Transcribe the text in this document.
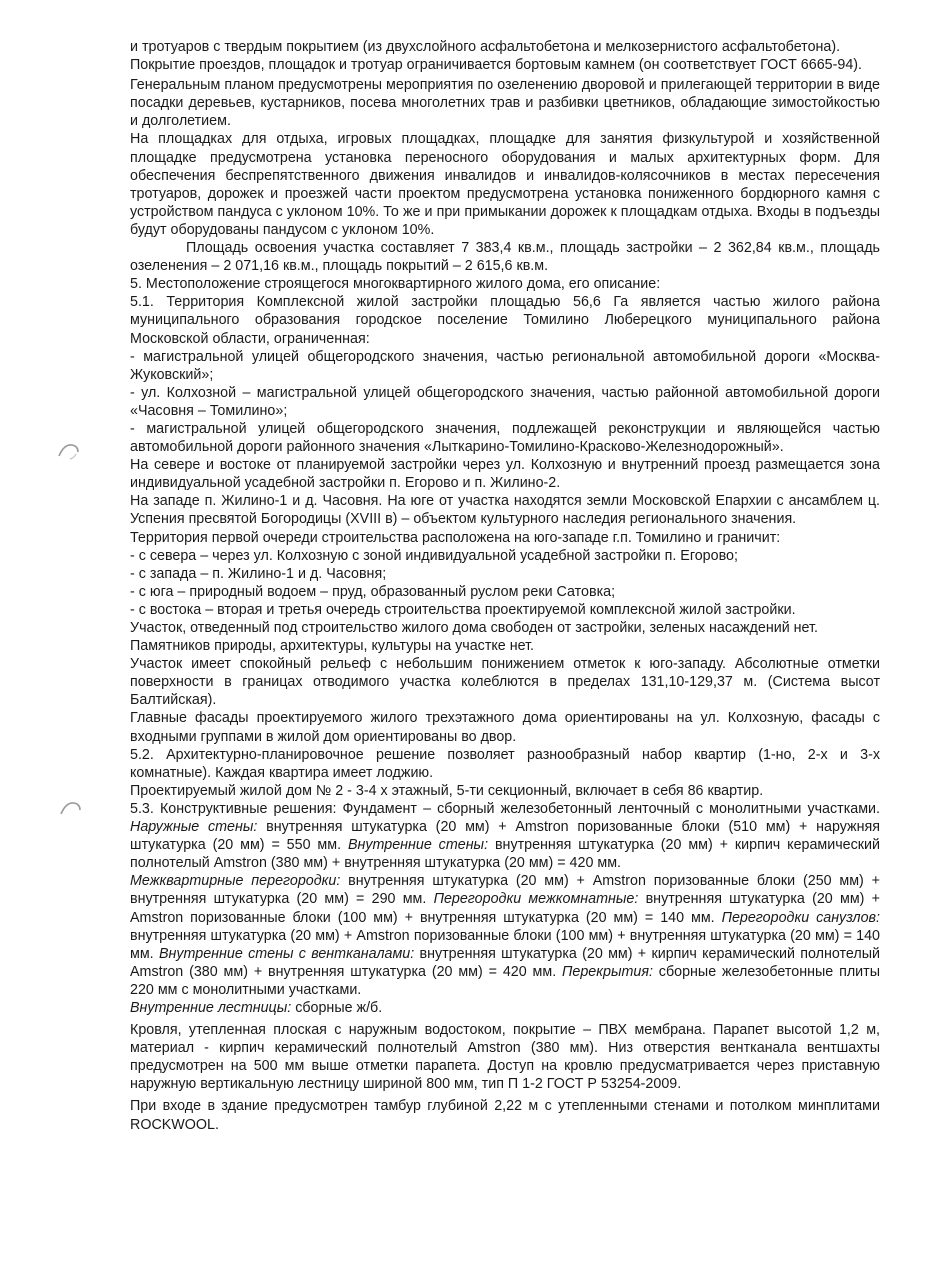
и тротуаров с твердым покрытием (из двухслойного асфальтобетона и мелкозернистого асфальтобетона).

Покрытие проездов, площадок и тротуар ограничивается бортовым камнем (он соответствует ГОСТ 6665-94).

Генеральным планом предусмотрены мероприятия по озеленению дворовой и прилегающей территории в виде посадки деревьев, кустарников, посева многолетних трав и разбивки цветников, обладающие зимостойкостью и долголетием.

На площадках для отдыха, игровых площадках, площадке для занятия физкультурой и хозяйственной площадке предусмотрена установка переносного оборудования и малых архитектурных форм. Для обеспечения беспрепятственного движения инвалидов и инвалидов-колясочников в местах пересечения тротуаров, дорожек и проезжей части проектом предусмотрена установка пониженного бордюрного камня с устройством пандуса с уклоном 10%. То же и при примыкании дорожек к площадкам отдыха. Входы в подъезды будут оборудованы пандусом с уклоном 10%.

Площадь освоения участка составляет 7 383,4 кв.м., площадь застройки – 2 362,84 кв.м., площадь озеленения – 2 071,16 кв.м., площадь покрытий – 2 615,6 кв.м.

5. Местоположение строящегося многоквартирного жилого дома, его описание:

5.1. Территория Комплексной жилой застройки площадью 56,6 Га является частью жилого района муниципального образования городское поселение Томилино Люберецкого муниципального района Московской области, ограниченная:

- магистральной улицей общегородского значения, частью региональной автомобильной дороги «Москва-Жуковский»;

- ул. Колхозной – магистральной улицей общегородского значения, частью районной автомобильной дороги «Часовня – Томилино»;

- магистральной улицей общегородского значения, подлежащей реконструкции и являющейся частью автомобильной дороги районного значения «Лыткарино-Томилино-Красково-Железнодорожный».

На севере и востоке от планируемой застройки через ул. Колхозную и внутренний проезд размещается зона индивидуальной усадебной застройки п. Егорово и п. Жилино-2.

На западе п. Жилино-1 и д. Часовня. На юге от участка находятся земли Московской Епархии с ансамблем ц. Успения пресвятой Богородицы (XVIII в) – объектом культурного наследия регионального значения.

Территория первой очереди строительства расположена на юго-западе г.п. Томилино и граничит:

- с севера – через ул. Колхозную с зоной индивидуальной усадебной застройки п. Егорово;

- с запада – п. Жилино-1 и д. Часовня;

- с юга – природный водоем – пруд, образованный руслом реки Сатовка;

- с востока – вторая и третья очередь строительства проектируемой комплексной жилой застройки.

Участок, отведенный под строительство жилого дома свободен от застройки, зеленых насаждений нет.

Памятников природы, архитектуры, культуры на участке нет.

Участок имеет спокойный рельеф с небольшим понижением отметок к юго-западу. Абсолютные отметки поверхности в границах отводимого участка колеблются в пределах 131,10-129,37 м. (Система высот Балтийская).

Главные фасады проектируемого жилого трехэтажного дома ориентированы на ул. Колхозную, фасады с входными группами в жилой дом ориентированы во двор.

5.2. Архитектурно-планировочное решение позволяет разнообразный набор квартир (1-но, 2-х и 3-х комнатные). Каждая квартира имеет лоджию.

Проектируемый жилой дом № 2 - 3-4 х этажный, 5-ти секционный, включает в себя 86 квартир.

5.3. Конструктивные решения: Фундамент – сборный железобетонный ленточный с монолитными участками. Наружные стены: внутренняя штукатурка (20 мм) + Amstron поризованные блоки (510 мм) + наружняя штукатурка (20 мм) = 550 мм. Внутренние стены: внутренняя штукатурка (20 мм) + кирпич керамический полнотелый Amstron (380 мм) + внутренняя штукатурка (20 мм) = 420 мм.

Межквартирные перегородки: внутренняя штукатурка (20 мм) + Amstron поризованные блоки (250 мм) + внутренняя штукатурка (20 мм) = 290 мм. Перегородки межкомнатные: внутренняя штукатурка (20 мм) + Amstron поризованные блоки (100 мм) + внутренняя штукатурка (20 мм) = 140 мм. Перегородки санузлов: внутренняя штукатурка (20 мм) + Amstron поризованные блоки (100 мм) + внутренняя штукатурка (20 мм) = 140 мм. Внутренние стены с вентканалами: внутренняя штукатурка (20 мм) + кирпич керамический полнотелый Amstron (380 мм) + внутренняя штукатурка (20 мм) = 420 мм. Перекрытия: сборные железобетонные плиты 220 мм с монолитными участками.

Внутренние лестницы: сборные ж/б.

Кровля, утепленная плоская с наружным водостоком, покрытие – ПВХ мембрана. Парапет высотой 1,2 м, материал - кирпич керамический полнотелый Amstron (380 мм). Низ отверстия вентканала вентшахты предусмотрен на 500 мм выше отметки парапета. Доступ на кровлю предусматривается через приставную наружную вертикальную лестницу шириной 800 мм, тип П 1-2 ГОСТ Р 53254-2009.

При входе в здание предусмотрен тамбур глубиной 2,22 м с утепленными стенами и потолком минплитами ROCKWOOL.
